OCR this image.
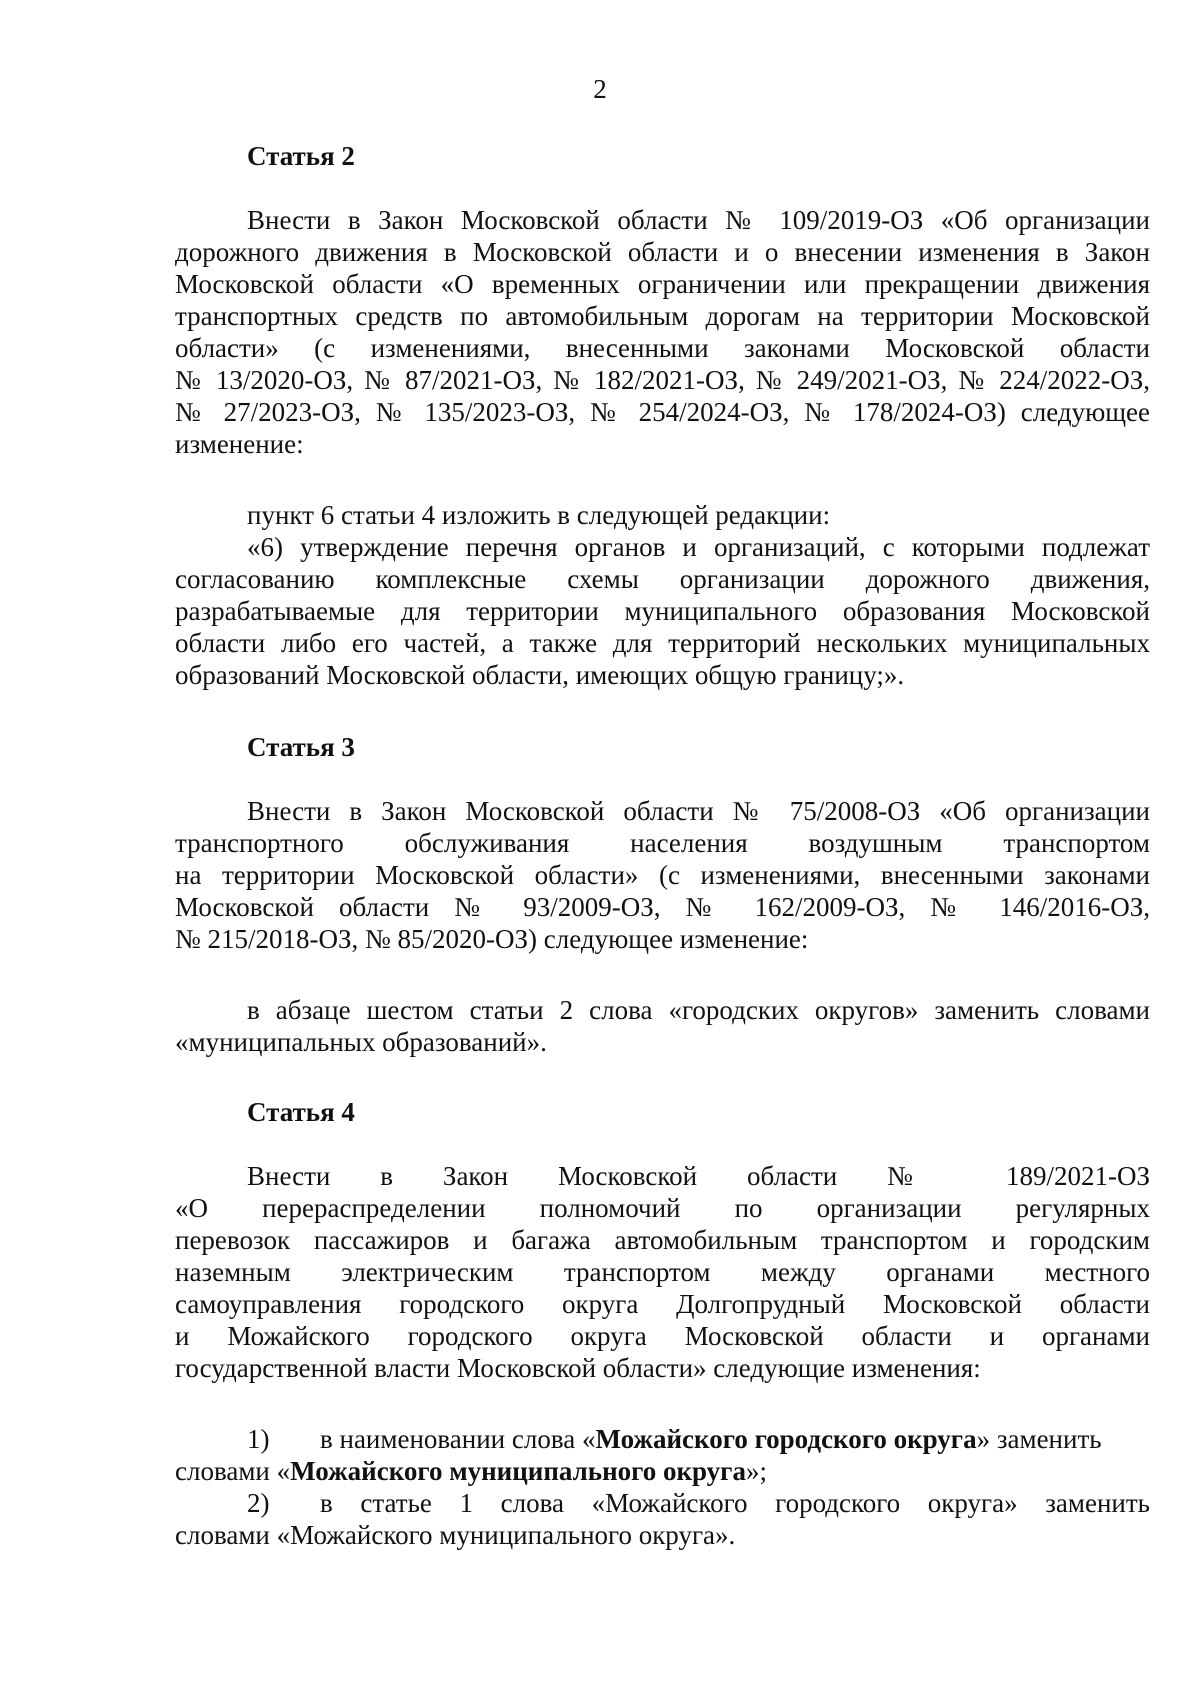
2
Статья 2
Внести в Закон Московской области № 109/2019-ОЗ «Об организации
дорожного движения в Московской области и о внесении изменения в Закон
Московской области «О временных ограничении или прекращении движения
транспортных средств по автомобильным дорогам на территории Московской
области» (с изменениями, внесенными законами Московской области
№ 13/2020-ОЗ, № 87/2021-ОЗ, № 182/2021-ОЗ, № 249/2021-ОЗ, № 224/2022-ОЗ,
№ 27/2023-ОЗ, № 135/2023-ОЗ, № 254/2024-ОЗ, № 178/2024-ОЗ) следующее
изменение:
пункт 6 статьи 4 изложить в следующей редакции:
«6) утверждение перечня органов и организаций, с которыми подлежат
согласованию комплексные схемы организации дорожного движения,
разрабатываемые для территории муниципального образования Московской
области либо его частей, а также для территорий нескольких муниципальных
образований Московской области, имеющих общую границу;».
Статья 3
Внести в Закон Московской области № 75/2008-ОЗ «Об организации
транспортного обслуживания населения воздушным транспортом
на территории Московской области» (с изменениями, внесенными законами
Московской области № 93/2009-ОЗ, № 162/2009-ОЗ, № 146/2016-ОЗ,
№ 215/2018-ОЗ, № 85/2020-ОЗ) следующее изменение:
в абзаце шестом статьи 2 слова «городских округов» заменить словами
«муниципальных образований».
Статья 4
Внести в Закон Московской области № 189/2021-ОЗ
«О перераспределении полномочий по организации регулярных
перевозок пассажиров и багажа автомобильным транспортом и городским
наземным электрическим транспортом между органами местного
самоуправления городского округа Долгопрудный Московской области
и Можайского городского округа Московской области и органами
государственной власти Московской области» следующие изменения:
1) в наименовании слова «Можайского городского округа» заменить
словами «Можайского муниципального округа»;
2) в статье 1 слова «Можайского городского округа» заменить
словами «Можайского муниципального округа».
